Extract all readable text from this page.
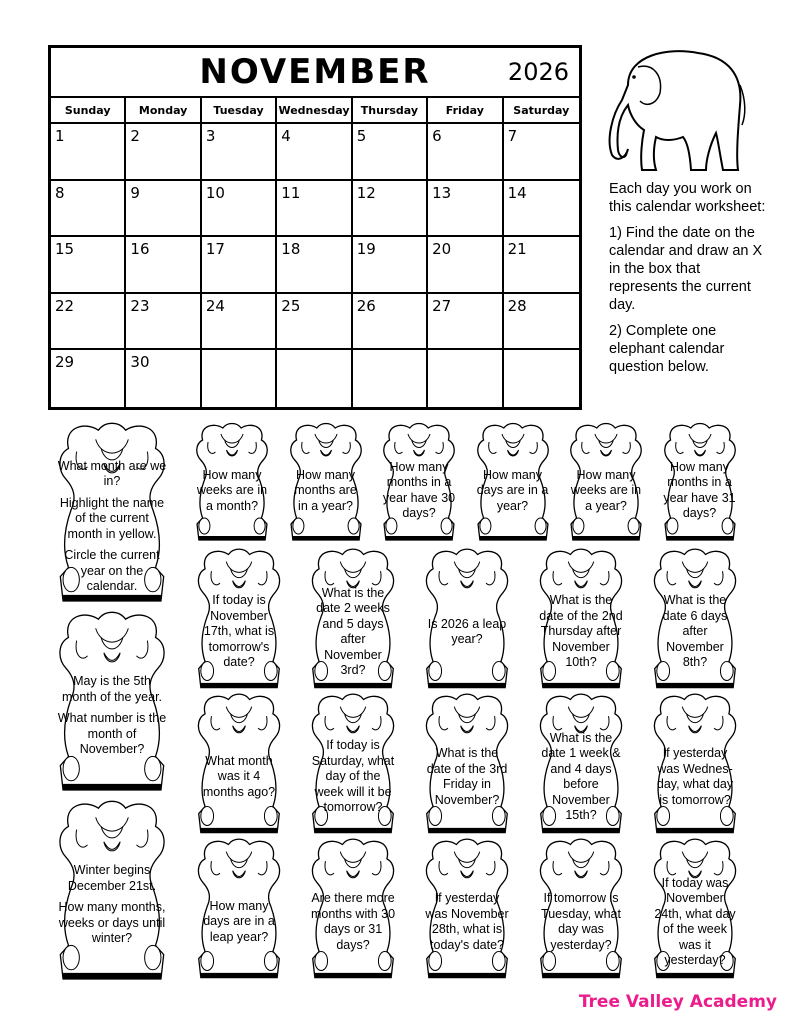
NOVEMBER	2026
Sunday	Monday	Tuesday	Wednesday	Thursday	Friday	Saturday
1	2	3	4	5	6	7
8	9	10	11	12	13	14
15	16	17	18	19	20	21
22	23	24	25	26	27	28
29	30

Each day you work on this calendar worksheet:

1) Find the date on the calendar and draw an X in the box that represents the current day.

2) Complete one elephant calendar question below.

What month are we in?
Highlight the name of the current month in yellow.
Circle the current year on the calendar.
May is the 5th month of the year.
What number is the month of November?
Winter begins December 21st.
How many months, weeks or days until winter?
How many weeks are in a month?
How many months are in a year?
How many months in a year have 30 days?
How many days are in a year?
How many weeks are in a year?
How many months in a year have 31 days?
If today is November 17th, what is tomorrow's date?
What is the date 2 weeks and 5 days after November 3rd?
Is 2026 a leap year?
What is the date of the 2nd Thursday after November 10th?
What is the date 6 days after November 8th?
What month was it 4 months ago?
If today is Saturday, what day of the week will it be tomorrow?
What is the date of the 3rd Friday in November?
What is the date 1 week & and 4 days before November 15th?
If yesterday was Wednes-day, what day is tomorrow?
How many days are in a leap year?
Are there more months with 30 days or 31 days?
If yesterday was November 28th, what is today's date?
If tomorrow is Tuesday, what day was yesterday?
If today was November 24th, what day of the week was it yesterday?
Tree Valley Academy
